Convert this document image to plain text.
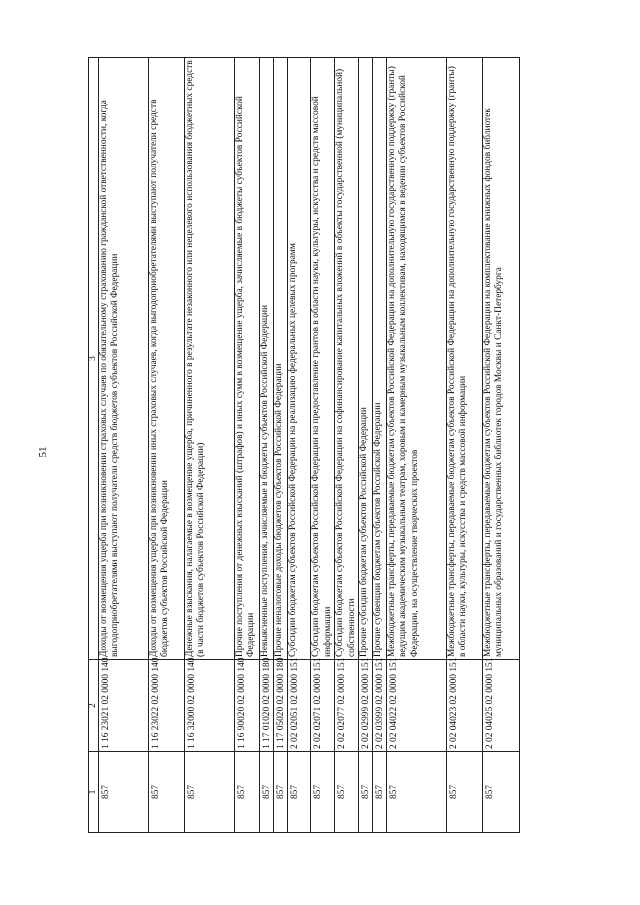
51
1	2	3
857	1 16 23021 02 0000 140	Доходы от возмещения ущерба при возникновении страховых случаев по обязательному страхованию гражданской ответственности, когда выгодоприобретателями выступают получатели средств бюджетов субъектов Российской Федерации
857	1 16 23022 02 0000 140	Доходы от возмещения ущерба при возникновении иных страховых случаев, когда выгодоприобретателями выступают получатели средств бюджетов субъектов Российской Федерации
857	1 16 32000 02 0000 140	Денежные взыскания, налагаемые в возмещение ущерба, причиненного в результате незаконного или нецелевого использования бюджетных средств (в части бюджетов субъектов Российской Федерации)
857	1 16 90020 02 0000 140	Прочие поступления от денежных взысканий (штрафов) и иных сумм в возмещение ущерба, зачисляемые в бюджеты субъектов Российской Федерации
857	1 17 01020 02 0000 180	Невыясненные поступления, зачисляемые в бюджеты субъектов Российской Федерации
857	1 17 05020 02 0000 180	Прочие неналоговые доходы бюджетов субъектов Российской Федерации
857	2 02 02051 02 0000 151	Субсидии бюджетам субъектов Российской Федерации на реализацию федеральных целевых программ
857	2 02 02071 02 0000 151	Субсидии бюджетам субъектов Российской Федерации на предоставление грантов в области науки, культуры, искусства и средств массовой информации
857	2 02 02077 02 0000 151	Субсидии бюджетам субъектов Российской Федерации на софинансирование капитальных вложений в объекты государственной (муниципальной) собственности
857	2 02 02999 02 0000 151	Прочие субсидии бюджетам субъектов Российской Федерации
857	2 02 03999 02 0000 151	Прочие субвенции бюджетам субъектов Российской Федерации
857	2 02 04022 02 0000 151	Межбюджетные трансферты, передаваемые бюджетам субъектов Российской Федерации на дополнительную государственную поддержку (гранты) ведущим академическим музыкальным театрам, хоровым и камерным музыкальным коллективам, находящимся в ведении субъектов Российской Федерации, на осуществление творческих проектов
857	2 02 04023 02 0000 151	Межбюджетные трансферты, передаваемые бюджетам субъектов Российской Федерации на дополнительную государственную поддержку (гранты) в области науки, культуры, искусства и средств массовой информации
857	2 02 04025 02 0000 151	Межбюджетные трансферты, передаваемые бюджетам субъектов Российской Федерации на комплектование книжных фондов библиотек муниципальных образований и государственных библиотек городов Москвы и Санкт-Петербурга
